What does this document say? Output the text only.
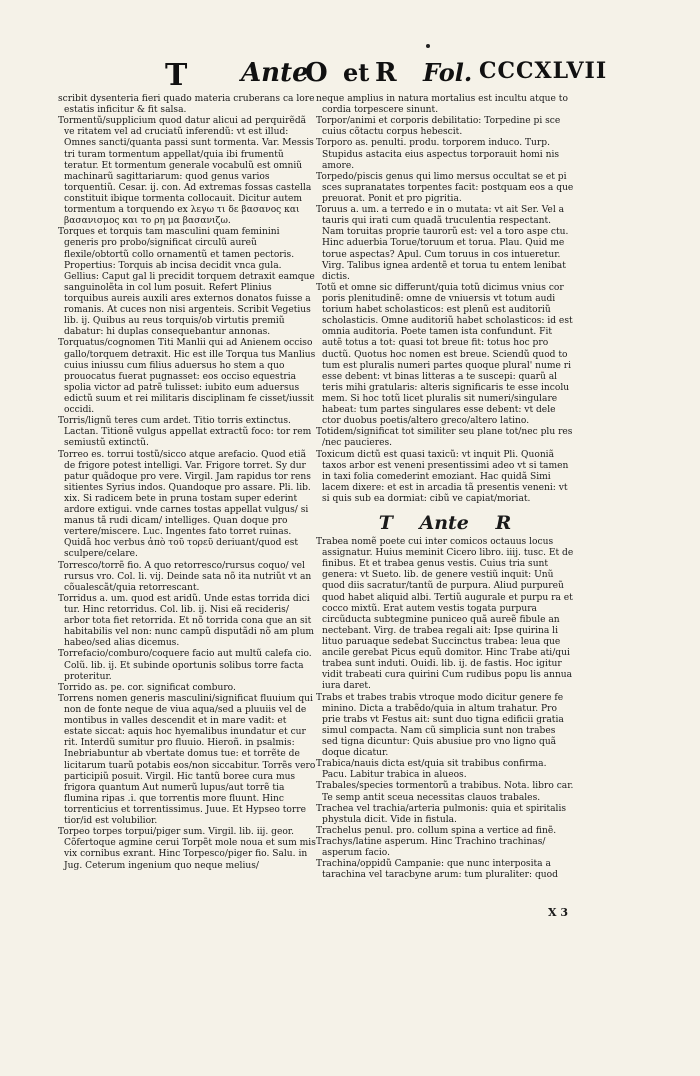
T Ante
O et R Fol. CCCXLVII

scribit dysenteria fieri quado materia cruberans ca lore estatis inficitur & fit salsa.

Tormentũ/supplicium quod datur alicui ad perquirẽdã ve ritatem vel ad cruciatũ inferendũ: vt est illud: Omnes sancti/quanta passi sunt tormenta. Var. Messis tri turam tormentum appellat/quia ibi frumentũ teratur. Et tormentum generale vocabulũ est omniũ machinarũ sagittariarum: quod genus varios torquentiũ. Cesar. ij. con. Ad extremas fossas castella constituit ibique tormenta collocauit. Dicitur autem tormentum a torquendo ex λεγω τι δε βασανος και βασανισμος και το ρη μα βασανιζω.

Torques et torquis tam masculini quam feminini generis pro probo/significat circulũ aureũ flexile/obtortũ collo ornamentũ et tamen pectoris. Propertius: Torquis ab incisa decidit vnca gula. Gellius: Caput gal li precidit torquem detraxit eamque sanguinolẽta in col lum posuit. Refert Plinius torquibus aureis auxili ares externos donatos fuisse a romanis. At cuces non nisi argenteis. Scribit Vegetius lib. ij. Quibus au reus torquis/ob virtutis premiũ dabatur: hi duplas consequebantur annonas.

Torquatus/cognomen Titi Manlii qui ad Anienem occiso gallo/torquem detraxit. Hic est ille Torqua tus Manlius cuius iniussu cum filius aduersus ho stem a quo prouocatus fuerat pugnasset: eos occiso equestria spolia victor ad patrẽ tulisset: iubito eum aduersus edictũ suum et rei militaris disciplinam fe cisset/iussit occidi.

Torris/lignũ teres cum ardet. Titio torris extinctus. Lactan. Titionẽ vulgus appellat extractũ foco: tor rem semiustũ extinctũ.

Torreo es. torrui tostũ/sicco atque arefacio. Quod etiã de frigore potest intelligi. Var. Frigore torret. Sy dur patur quãdoque pro vere. Virgil. Jam rapidus tor rens sitientes Syrius indos. Quandoque pro assare. Pli. lib. xix. Si radicem bete in pruna tostam super ederint ardore extigui. vnde carnes tostas appellat vulgus/ si manus tã rudi dicam/ intelliges. Quan doque pro vertere/miscere. Luc. Ingentes fato torret ruinas. Quidã hoc verbus ἀπὸ τοῦ τορεῦ deriuant/quod est sculpere/celare.

Torresco/torrẽ fio. A quo retorresco/rursus coquo/ vel rursus vro. Col. li. vij. Deinde sata nõ ita nutriũt vt an cõualescãt/quia retorrescant.

Torridus a. um. quod est aridũ. Unde estas torrida dici tur. Hinc retorridus. Col. lib. ij. Nisi eã recideris/ arbor tota fiet retorrida. Et nõ torrida cona que an sit habitabilis vel non: nunc campũ disputãdi nõ am plum habeo/sed alias dicemus.

Torrefacio/comburo/coquere facio aut multũ calefa cio. Colũ. lib. ij. Et subinde oportunis solibus torre facta proteritur.

Torrido as. pe. cor. significat comburo.

Torrens nomen generis masculini/significat fluuium qui non de fonte neque de viua aqua/sed a pluuiis vel de montibus in valles descendit et in mare vadit: et estate siccat: aquis hoc hyemalibus inundatur et cur rit. Interdũ sumitur pro fluuio. Hieroñ. in psalmis: Inebriabuntur ab vbertate domus tue: et torrẽte de licitarum tuarũ potabis eos/non siccabitur. Torrẽs vero participiũ posuit. Virgil. Hic tantũ boree cura mus frigora quantum Aut numerũ lupus/aut torrẽ tia flumina ripas .i. que torrentis more fluunt. Hinc torrenticius et torrentissimus. Juue. Et Hypseo torre tior/id est volubilior.

Torpeo torpes torpui/piger sum. Virgil. lib. iij. geor. Cõfertoque agmine cerui Torpẽt mole noua et sum mis vix cornibus exrant. Hinc Torpesco/piger fio. Salu. in Jug. Ceterum ingenium quo neque melius/

neque amplius in natura mortalius est incultu atque to cordia torpescere sinunt.

Torpor/animi et corporis debilitatio: Torpedine pi sce cuius cõtactu corpus hebescit.

Torporo as. penulti. produ. torporem induco. Turp. Stupidus astacita eius aspectus torporauit homi nis amore.

Torpedo/piscis genus qui limo mersus occultat se et pi sces supranatates torpentes facit: postquam eos a que preuorat. Ponit et pro pigritia.

Toruus a. um. a terredo e in o mutata: vt ait Ser. Vel a tauris qui irati cum quadã truculentia respectant. Nam toruitas proprie taurorũ est: vel a toro aspe ctu. Hinc aduerbia Torue/toruum et torua. Plau. Quid me torue aspectas? Apul. Cum toruus in cos intueretur. Virg. Talibus ignea ardentẽ et torua tu entem lenibat dictis.

Totũ et omne sic differunt/quia totũ dicimus vnius cor poris plenitudinẽ: omne de vniuersis vt totum audi torium habet scholasticos: est plenũ est auditoriũ scholasticis. Omne auditoriũ habet scholasticos: id est omnia auditoria. Poete tamen ista confundunt. Fit autẽ totus a tot: quasi tot breue fit: totus hoc pro ductũ. Quotus hoc nomen est breue. Sciendũ quod to tum est pluralis numeri partes quoque plural' nume ri esse debent: vt binas litteras a te suscepi: quarũ al teris mihi gratularis: alteris significaris te esse incolu mem. Si hoc totũ licet pluralis sit numeri/singulare habeat: tum partes singulares esse debent: vt dele ctor duobus poetis/altero greco/altero latino.

Totidem/significat tot similiter seu plane tot/nec plu res /nec paucieres.

Toxicum dictũ est quasi taxicũ: vt inquit Pli. Quoniã taxos arbor est veneni presentissimi adeo vt si tamen in taxi folia comederint emoziant. Hac quidã Simi lacem dixere: et est in arcadia tã presentis veneni: vt si quis sub ea dormiat: cibũ ve capiat/moriat.

T Ante R

Trabea nomẽ poete cui inter comicos octauus locus assignatur. Huius meminit Cicero libro. iiij. tusc. Et de finibus. Et et trabea genus vestis. Cuius tria sunt genera: vt Sueto. lib. de genere vestiũ inquit: Unũ quod diis sacratur/tantũ de purpura. Aliud purpureũ quod habet aliquid albi. Tertiũ augurale et purpu ra et cocco mixtũ. Erat autem vestis togata purpura circũducta subtegmine puniceo quã aureẽ fibule an nectebant. Virg. de trabea regali ait: Ipse quirina li lituo paruaque sedebat Succinctus trabea: leua que ancile gerebat Picus equũ domitor. Hinc Trabe ati/qui trabea sunt induti. Ouidi. lib. ij. de fastis. Hoc igitur vidit trabeati cura quirini Cum rudibus popu lis annua iura daret.

Trabs et trabes trabis vtroque modo dicitur genere fe minino. Dicta a trabẽdo/quia in altum trahatur. Pro prie trabs vt Festus ait: sunt duo tigna edificii gratia simul compacta. Nam cũ simplicia sunt non trabes sed tigna dicuntur: Quis abusiue pro vno ligno quã doque dicatur.

Trabica/nauis dicta est/quia sit trabibus confirma. Pacu. Labitur trabica in alueos.

Trabales/species tormentorũ a trabibus. Nota. libro car. Te semp antit sceua necessitas clauos trabales.

Trachea vel trachia/arteria pulmonis: quia et spiritalis phystula dicit. Vide in fistula.

Trachelus penul. pro. collum spina a vertice ad finẽ.

Trachys/latine asperum. Hinc Trachino trachinas/ asperum facio.

Trachina/oppidũ Campanie: que nunc interposita a tarachina vel taracbyne arum: tum pluraliter: quod

X 3
